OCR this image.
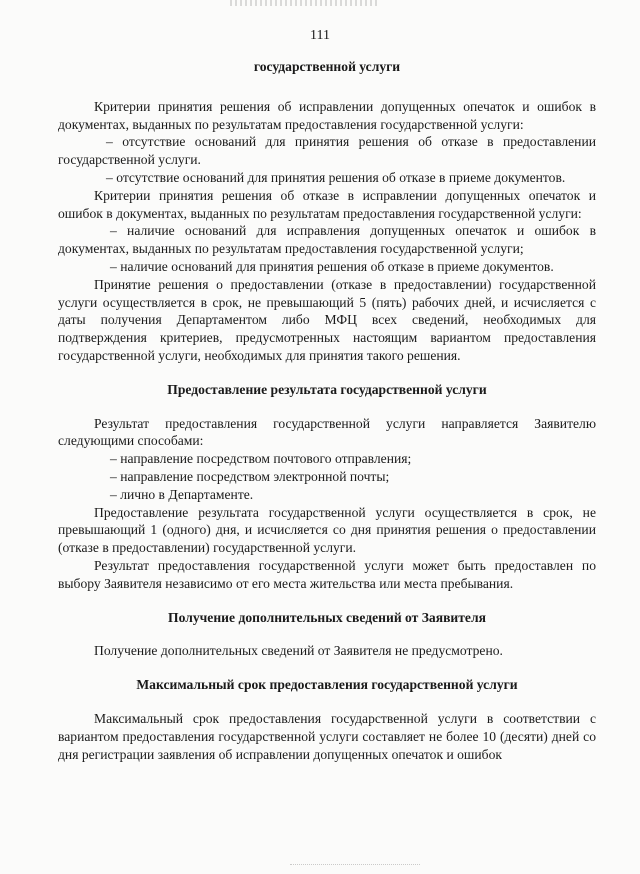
111
государственной услуги

Критерии принятия решения об исправлении допущенных опечаток и ошибок в документах, выданных по результатам предоставления государственной услуги:

– отсутствие оснований для принятия решения об отказе в предоставлении государственной услуги.

– отсутствие оснований для принятия решения об отказе в приеме документов.

Критерии принятия решения об отказе в исправлении допущенных опечаток и ошибок в документах, выданных по результатам предоставления государственной услуги:

– наличие оснований для исправления допущенных опечаток и ошибок в документах, выданных по результатам предоставления государственной услуги;

– наличие оснований для принятия решения об отказе в приеме документов.

Принятие решения о предоставлении (отказе в предоставлении) государственной услуги осуществляется в срок, не превышающий 5 (пять) рабочих дней, и исчисляется с даты получения Департаментом либо МФЦ всех сведений, необходимых для подтверждения критериев, предусмотренных настоящим вариантом предоставления государственной услуги, необходимых для принятия такого решения.

Предоставление результата государственной услуги

Результат предоставления государственной услуги направляется Заявителю следующими способами:

– направление посредством почтового отправления;

– направление посредством электронной почты;

– лично в Департаменте.

Предоставление результата государственной услуги осуществляется в срок, не превышающий 1 (одного) дня, и исчисляется со дня принятия решения о предоставлении (отказе в предоставлении) государственной услуги.

Результат предоставления государственной услуги может быть предоставлен по выбору Заявителя независимо от его места жительства или места пребывания.

Получение дополнительных сведений от Заявителя

Получение дополнительных сведений от Заявителя не предусмотрено.

Максимальный срок предоставления государственной услуги

Максимальный срок предоставления государственной услуги в соответствии с вариантом предоставления государственной услуги составляет не более 10 (десяти) дней со дня регистрации заявления об исправлении допущенных опечаток и ошибок
